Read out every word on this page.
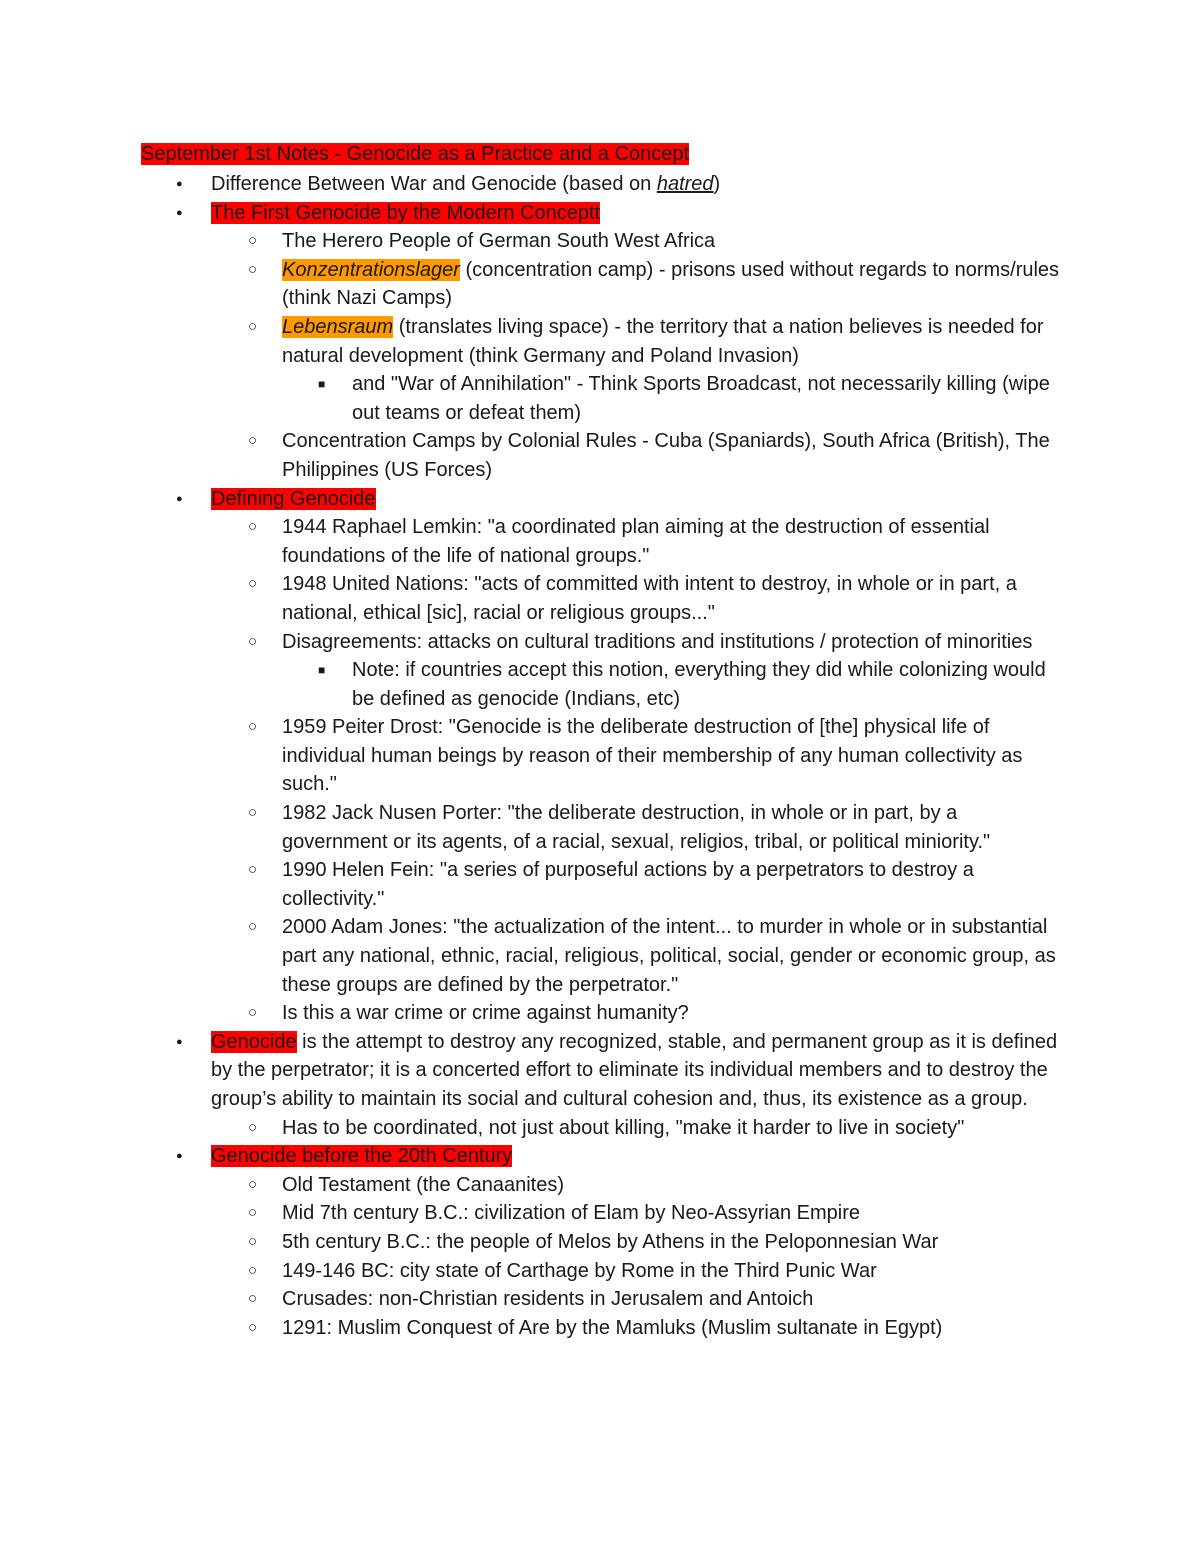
September 1st Notes - Genocide as a Practice and a Concept
● Difference Between War and Genocide (based on hatred)
● The First Genocide by the Modern Conceptt
○ The Herero People of German South West Africa
○ Konzentrationslager (concentration camp) - prisons used without regards to norms/rules (think Nazi Camps)
○ Lebensraum (translates living space) - the territory that a nation believes is needed for natural development (think Germany and Poland Invasion)
■ and "War of Annihilation" - Think Sports Broadcast, not necessarily killing (wipe out teams or defeat them)
○ Concentration Camps by Colonial Rules - Cuba (Spaniards), South Africa (British), The Philippines (US Forces)
● Defining Genocide
○ 1944 Raphael Lemkin: "a coordinated plan aiming at the destruction of essential foundations of the life of national groups."
○ 1948 United Nations: "acts of committed with intent to destroy, in whole or in part, a national, ethical [sic], racial or religious groups..."
○ Disagreements: attacks on cultural traditions and institutions / protection of minorities
■ Note: if countries accept this notion, everything they did while colonizing would be defined as genocide (Indians, etc)
○ 1959 Peiter Drost: "Genocide is the deliberate destruction of [the] physical life of individual human beings by reason of their membership of any human collectivity as such."
○ 1982 Jack Nusen Porter: "the deliberate destruction, in whole or in part, by a government or its agents, of a racial, sexual, religios, tribal, or political miniority."
○ 1990 Helen Fein: "a series of purposeful actions by a perpetrators to destroy a collectivity."
○ 2000 Adam Jones: "the actualization of the intent... to murder in whole or in substantial part any national, ethnic, racial, religious, political, social, gender or economic group, as these groups are defined by the perpetrator."
○ Is this a war crime or crime against humanity?
● Genocide is the attempt to destroy any recognized, stable, and permanent group as it is defined by the perpetrator; it is a concerted effort to eliminate its individual members and to destroy the group’s ability to maintain its social and cultural cohesion and, thus, its existence as a group.
○ Has to be coordinated, not just about killing, "make it harder to live in society"
● Genocide before the 20th Century
○ Old Testament (the Canaanites)
○ Mid 7th century B.C.: civilization of Elam by Neo-Assyrian Empire
○ 5th century B.C.: the people of Melos by Athens in the Peloponnesian War
○ 149-146 BC: city state of Carthage by Rome in the Third Punic War
○ Crusades: non-Christian residents in Jerusalem and Antoich
○ 1291: Muslim Conquest of Are by the Mamluks (Muslim sultanate in Egypt)
